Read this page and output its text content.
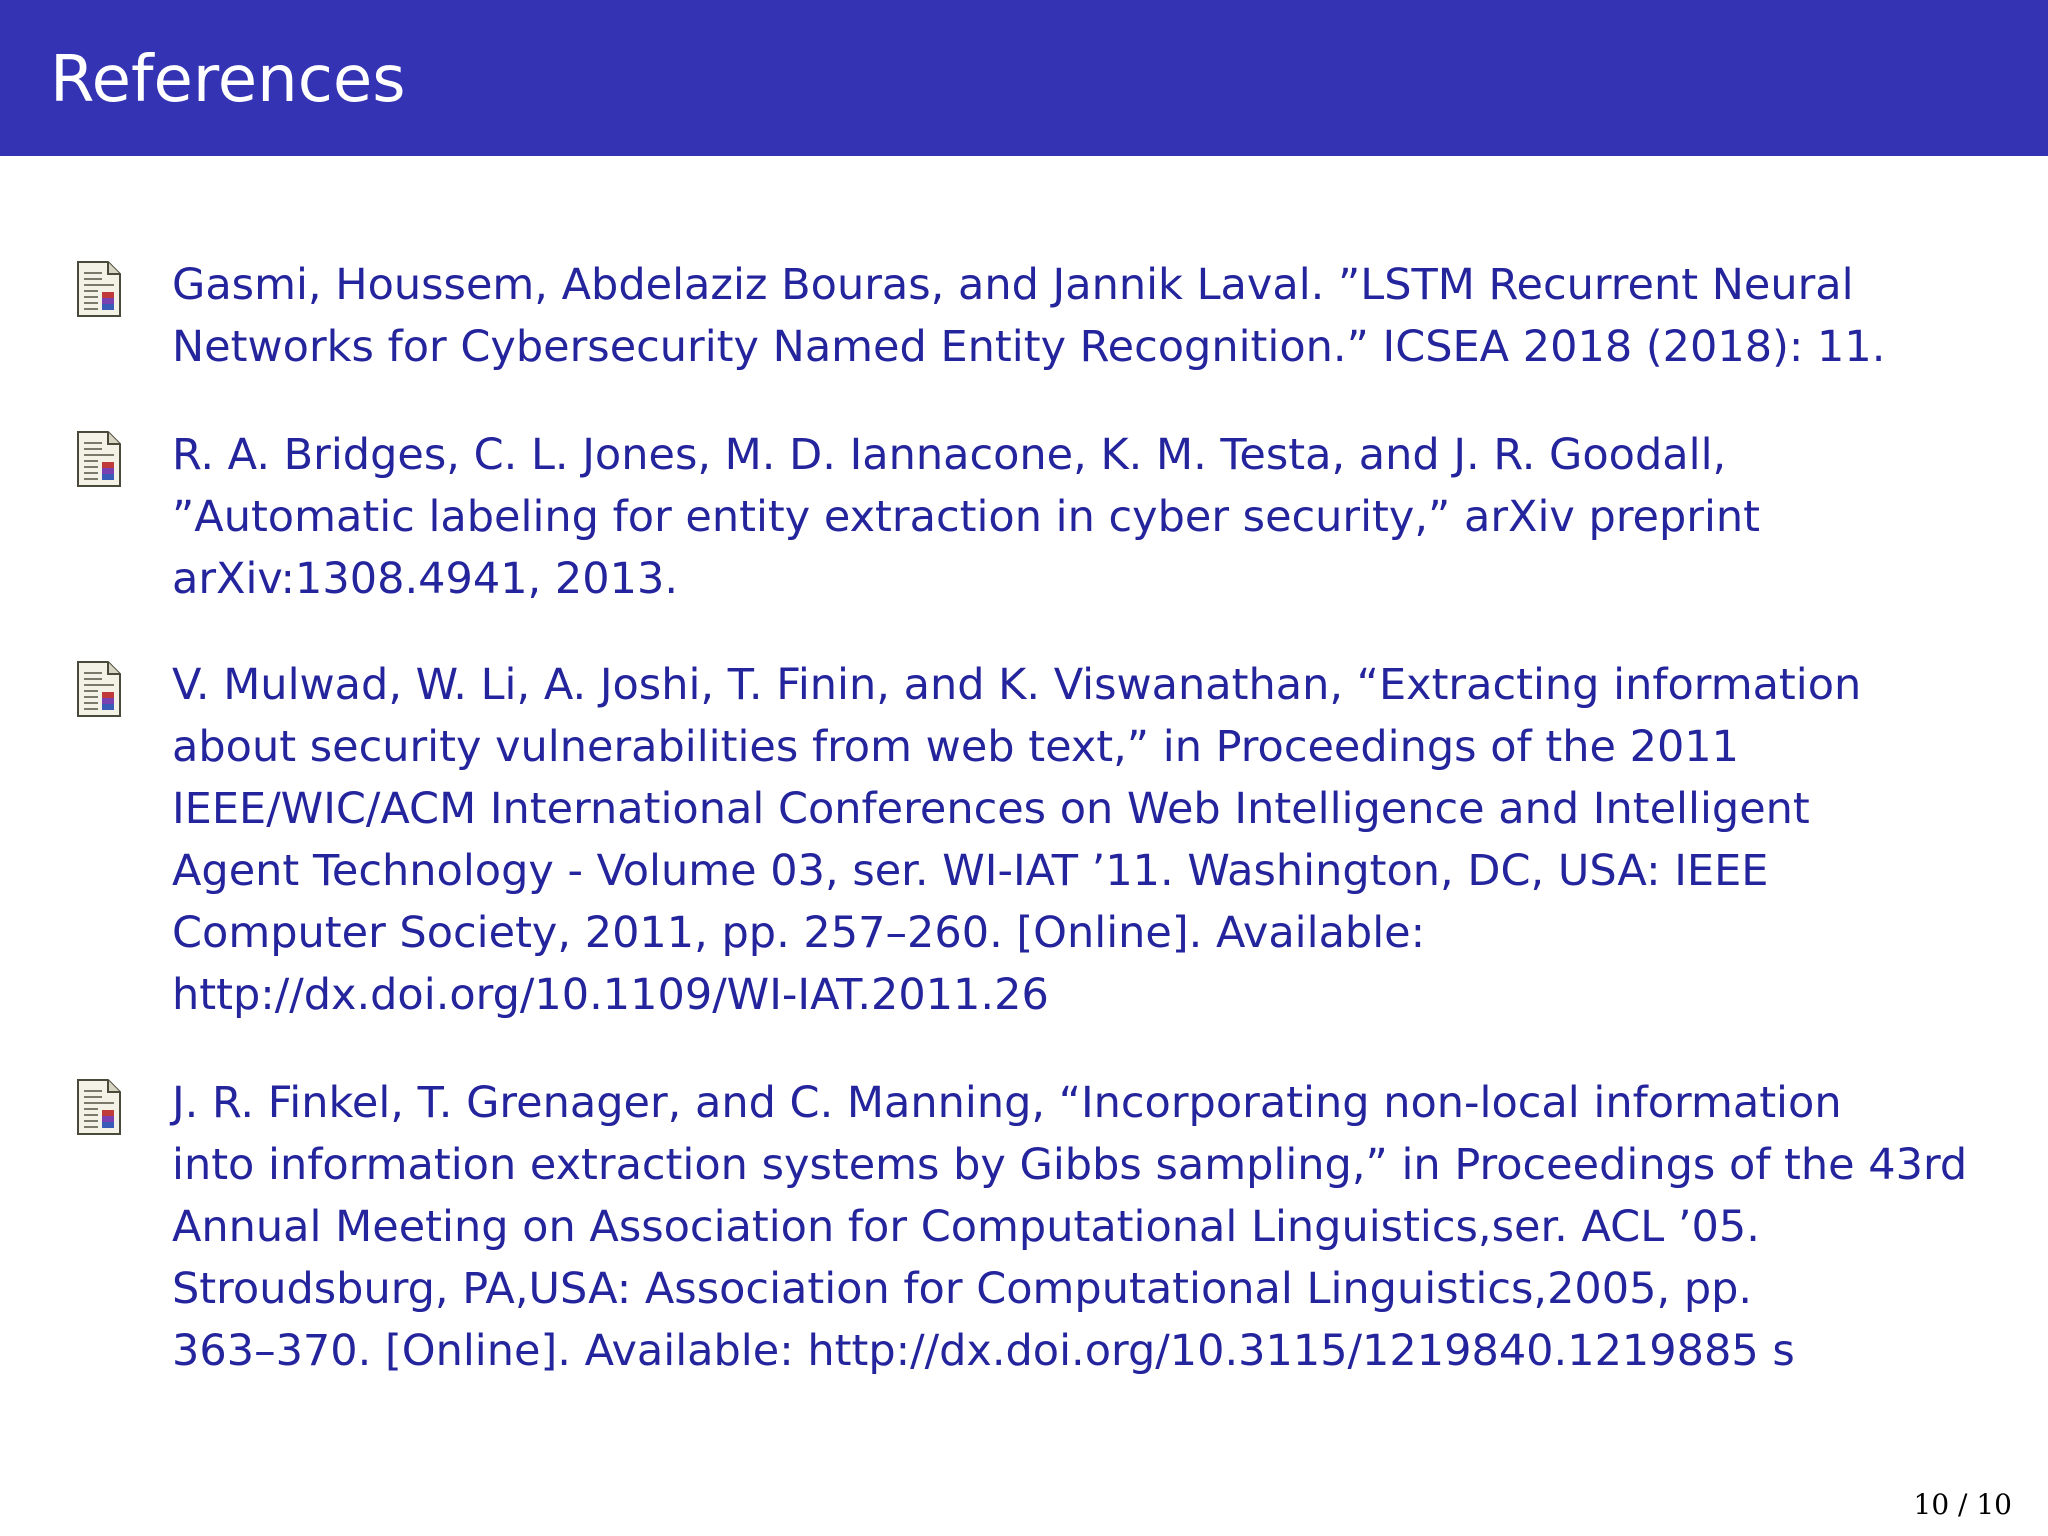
References

Gasmi, Houssem, Abdelaziz Bouras, and Jannik Laval. ”LSTM Recurrent Neural
Networks for Cybersecurity Named Entity Recognition.” ICSEA 2018 (2018): 11.

R. A. Bridges, C. L. Jones, M. D. Iannacone, K. M. Testa, and J. R. Goodall,
”Automatic labeling for entity extraction in cyber security,” arXiv preprint
arXiv:1308.4941, 2013.

V. Mulwad, W. Li, A. Joshi, T. Finin, and K. Viswanathan, “Extracting information
about security vulnerabilities from web text,” in Proceedings of the 2011
IEEE/WIC/ACM International Conferences on Web Intelligence and Intelligent
Agent Technology - Volume 03, ser. WI-IAT ’11. Washington, DC, USA: IEEE
Computer Society, 2011, pp. 257–260. [Online]. Available:
http://dx.doi.org/10.1109/WI-IAT.2011.26

J. R. Finkel, T. Grenager, and C. Manning, “Incorporating non-local information
into information extraction systems by Gibbs sampling,” in Proceedings of the 43rd
Annual Meeting on Association for Computational Linguistics,ser. ACL ’05.
Stroudsburg, PA,USA: Association for Computational Linguistics,2005, pp.
363–370. [Online]. Available: http://dx.doi.org/10.3115/1219840.1219885 s

10 / 10
